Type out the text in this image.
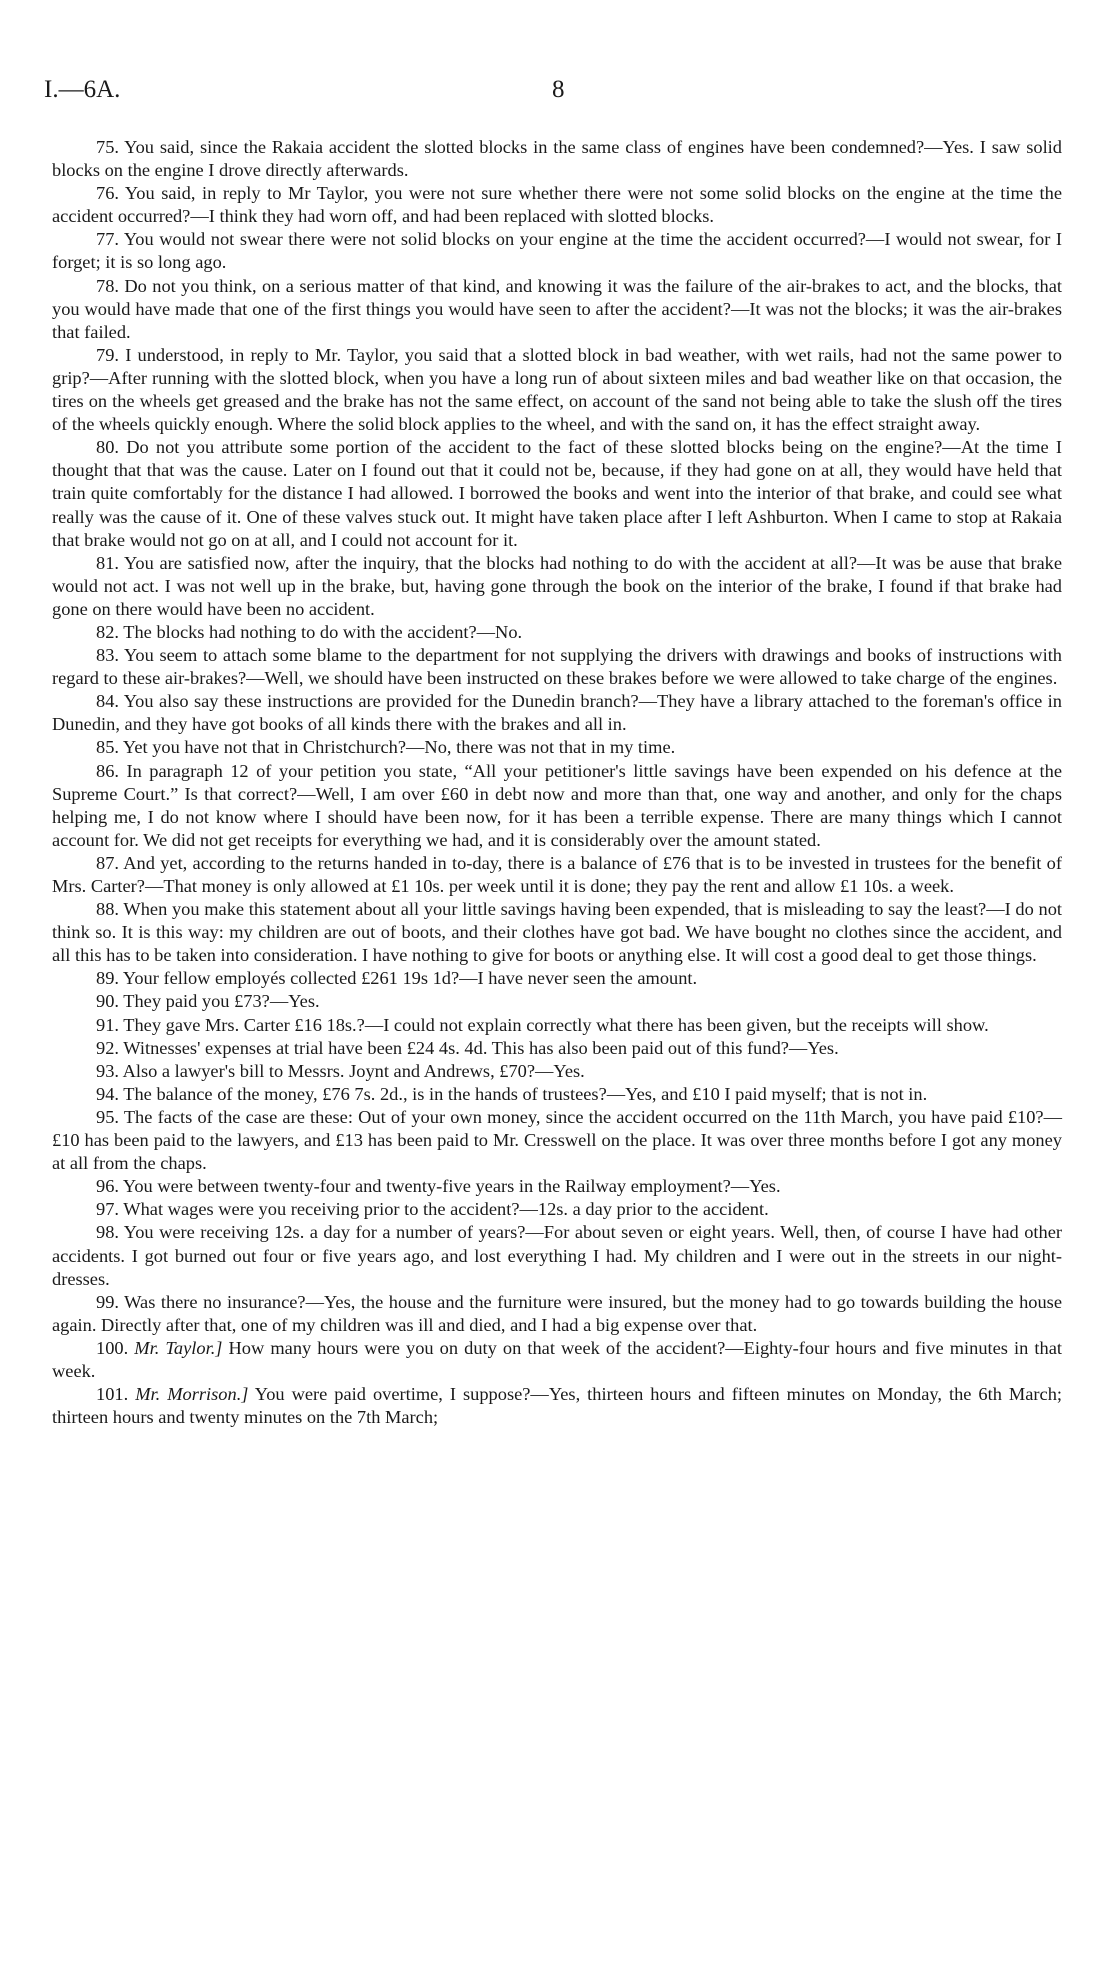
I.—6A.	8

75. You said, since the Rakaia accident the slotted blocks in the same class of engines have been condemned?—Yes. I saw solid blocks on the engine I drove directly afterwards.

76. You said, in reply to Mr Taylor, you were not sure whether there were not some solid blocks on the engine at the time the accident occurred?—I think they had worn off, and had been replaced with slotted blocks.

77. You would not swear there were not solid blocks on your engine at the time the accident occurred?—I would not swear, for I forget; it is so long ago.

78. Do not you think, on a serious matter of that kind, and knowing it was the failure of the air-brakes to act, and the blocks, that you would have made that one of the first things you would have seen to after the accident?—It was not the blocks; it was the air-brakes that failed.

79. I understood, in reply to Mr. Taylor, you said that a slotted block in bad weather, with wet rails, had not the same power to grip?—After running with the slotted block, when you have a long run of about sixteen miles and bad weather like on that occasion, the tires on the wheels get greased and the brake has not the same effect, on account of the sand not being able to take the slush off the tires of the wheels quickly enough. Where the solid block applies to the wheel, and with the sand on, it has the effect straight away.

80. Do not you attribute some portion of the accident to the fact of these slotted blocks being on the engine?—At the time I thought that that was the cause. Later on I found out that it could not be, because, if they had gone on at all, they would have held that train quite comfortably for the distance I had allowed. I borrowed the books and went into the interior of that brake, and could see what really was the cause of it. One of these valves stuck out. It might have taken place after I left Ashburton. When I came to stop at Rakaia that brake would not go on at all, and I could not account for it.

81. You are satisfied now, after the inquiry, that the blocks had nothing to do with the accident at all?—It was be ause that brake would not act. I was not well up in the brake, but, having gone through the book on the interior of the brake, I found if that brake had gone on there would have been no accident.

82. The blocks had nothing to do with the accident?—No.

83. You seem to attach some blame to the department for not supplying the drivers with drawings and books of instructions with regard to these air-brakes?—Well, we should have been instructed on these brakes before we were allowed to take charge of the engines.

84. You also say these instructions are provided for the Dunedin branch?—They have a library attached to the foreman's office in Dunedin, and they have got books of all kinds there with the brakes and all in.

85. Yet you have not that in Christchurch?—No, there was not that in my time.

86. In paragraph 12 of your petition you state, “All your petitioner's little savings have been expended on his defence at the Supreme Court.” Is that correct?—Well, I am over £60 in debt now and more than that, one way and another, and only for the chaps helping me, I do not know where I should have been now, for it has been a terrible expense. There are many things which I cannot account for. We did not get receipts for everything we had, and it is considerably over the amount stated.

87. And yet, according to the returns handed in to-day, there is a balance of £76 that is to be invested in trustees for the benefit of Mrs. Carter?—That money is only allowed at £1 10s. per week until it is done; they pay the rent and allow £1 10s. a week.

88. When you make this statement about all your little savings having been expended, that is misleading to say the least?—I do not think so. It is this way: my children are out of boots, and their clothes have got bad. We have bought no clothes since the accident, and all this has to be taken into consideration. I have nothing to give for boots or anything else. It will cost a good deal to get those things.

89. Your fellow employés collected £261 19s 1d?—I have never seen the amount.

90. They paid you £73?—Yes.

91. They gave Mrs. Carter £16 18s.?—I could not explain correctly what there has been given, but the receipts will show.

92. Witnesses' expenses at trial have been £24 4s. 4d. This has also been paid out of this fund?—Yes.

93. Also a lawyer's bill to Messrs. Joynt and Andrews, £70?—Yes.

94. The balance of the money, £76 7s. 2d., is in the hands of trustees?—Yes, and £10 I paid myself; that is not in.

95. The facts of the case are these: Out of your own money, since the accident occurred on the 11th March, you have paid £10?—£10 has been paid to the lawyers, and £13 has been paid to Mr. Cresswell on the place. It was over three months before I got any money at all from the chaps.

96. You were between twenty-four and twenty-five years in the Railway employment?—Yes.

97. What wages were you receiving prior to the accident?—12s. a day prior to the accident.

98. You were receiving 12s. a day for a number of years?—For about seven or eight years. Well, then, of course I have had other accidents. I got burned out four or five years ago, and lost everything I had. My children and I were out in the streets in our night-dresses.

99. Was there no insurance?—Yes, the house and the furniture were insured, but the money had to go towards building the house again. Directly after that, one of my children was ill and died, and I had a big expense over that.

100. Mr. Taylor.] How many hours were you on duty on that week of the accident?—Eighty-four hours and five minutes in that week.

101. Mr. Morrison.] You were paid overtime, I suppose?—Yes, thirteen hours and fifteen minutes on Monday, the 6th March; thirteen hours and twenty minutes on the 7th March;
